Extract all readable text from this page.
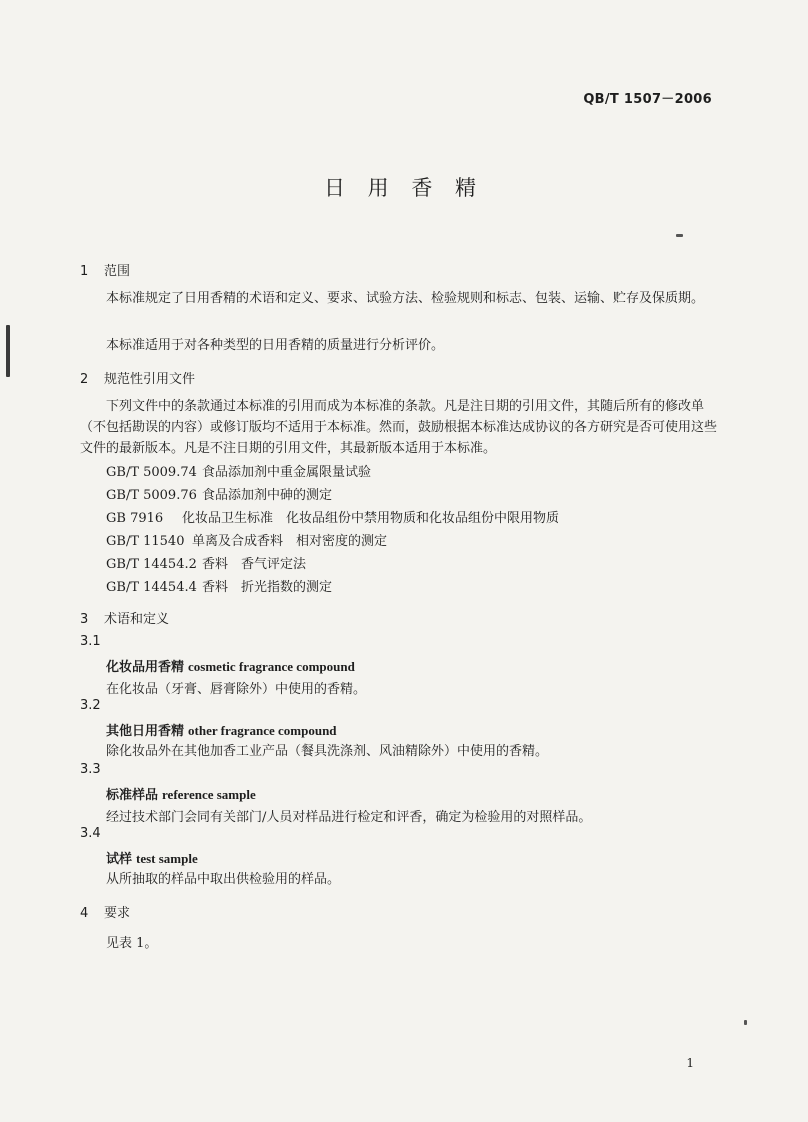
QB/T 1507－2006
日 用 香 精
1 范围
本标准规定了日用香精的术语和定义、要求、试验方法、检验规则和标志、包装、运输、贮存及保质期。
本标准适用于对各种类型的日用香精的质量进行分析评价。
2 规范性引用文件
下列文件中的条款通过本标准的引用而成为本标准的条款。凡是注日期的引用文件，其随后所有的修改单（不包括勘误的内容）或修订版均不适用于本标准。然而，鼓励根据本标准达成协议的各方研究是否可使用这些文件的最新版本。凡是不注日期的引用文件，其最新版本适用于本标准。
GB/T 5009.74 食品添加剂中重金属限量试验
GB/T 5009.76 食品添加剂中砷的测定
GB 7916 化妆品卫生标准　化妆品组份中禁用物质和化妆品组份中限用物质
GB/T 11540 单离及合成香料　相对密度的测定
GB/T 14454.2 香料　香气评定法
GB/T 14454.4 香料　折光指数的测定
3 术语和定义
3.1
化妆品用香精 cosmetic fragrance compound
在化妆品（牙膏、唇膏除外）中使用的香精。
3.2
其他日用香精 other fragrance compound
除化妆品外在其他加香工业产品（餐具洗涤剂、风油精除外）中使用的香精。
3.3
标准样品 reference sample
经过技术部门会同有关部门/人员对样品进行检定和评香，确定为检验用的对照样品。
3.4
试样 test sample
从所抽取的样品中取出供检验用的样品。
4 要求
见表 1。
1
